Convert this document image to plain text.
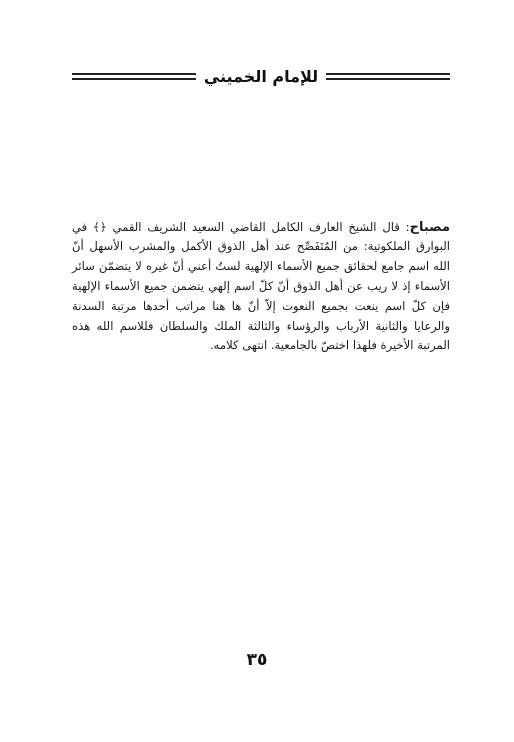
للإمام الخميني

مصباح: قال الشيخ العارف الكامل القاضي السعيد الشريف القمي ﴿﴾ في البوارق الملكوتية: من المُتَفَصِّح عند أهل الذوق الأكمل والمشرب الأسهل أنّ الله اسم جامع لحقائق جميع الأسماء الإلهية لستُ أعني أنّ غيره لا يتضمّن سائر الأسماء إذ لا ريب عن أهل الذوق أنّ كلّ اسم إلهي يتضمن جميع الأسماء الإلهية فإن كلّ اسم ينعت بجميع النعوت إلاّ أنّ ها هنا مراتب أحدها مرتبة السدنة والرعايا والثانية الأرباب والرؤساء والثالثة الملك والسلطان فللاسم الله هذه المرتبة الأخيرة فلهذا اختصّ بالجامعية. انتهى كلامه.

٣٥
